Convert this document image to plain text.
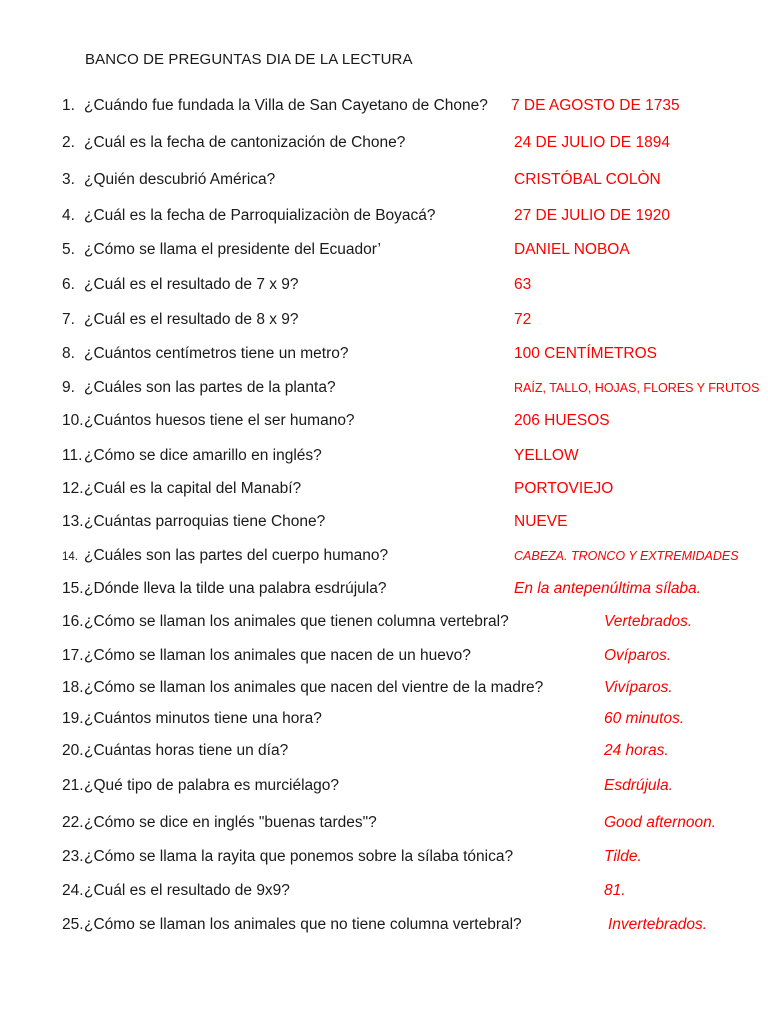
BANCO DE PREGUNTAS DIA DE LA LECTURA
1. ¿Cuándo fue fundada la Villa de San Cayetano de Chone? 7 DE AGOSTO DE 1735
2. ¿Cuál es la fecha de cantonización de Chone?	24 DE JULIO DE 1894
3. ¿Quién descubrió América?	CRISTÓBAL COLÒN
4. ¿Cuál es la fecha de Parroquializaciòn de Boyacá?	27 DE JULIO DE 1920
5. ¿Cómo se llama el presidente del Ecuador’	DANIEL NOBOA
6. ¿Cuál es el resultado de 7 x 9?	63
7. ¿Cuál es el resultado de 8 x 9?	72
8. ¿Cuántos centímetros tiene un metro?	100 CENTÍMETROS
9. ¿Cuáles son las partes de la planta?	RAÍZ, TALLO, HOJAS, FLORES Y FRUTOS
10. ¿Cuántos huesos tiene el ser humano?	206 HUESOS
11. ¿Cómo se dice amarillo en inglés?	YELLOW
12. ¿Cuál es la capital del Manabí?	PORTOVIEJO
13. ¿Cuántas parroquias tiene Chone?	NUEVE
14. ¿Cuáles son las partes del cuerpo humano?	CABEZA. TRONCO Y EXTREMIDADES
15. ¿Dónde lleva la tilde una palabra esdrújula?	En la antepenúltima sílaba.
16. ¿Cómo se llaman los animales que tienen columna vertebral?	Vertebrados.
17. ¿Cómo se llaman los animales que nacen de un huevo?	Ovíparos.
18. ¿Cómo se llaman los animales que nacen del vientre de la madre?	Vivíparos.
19. ¿Cuántos minutos tiene una hora?	60 minutos.
20. ¿Cuántas horas tiene un día?	24 horas.
21. ¿Qué tipo de palabra es murciélago?	Esdrújula.
22. ¿Cómo se dice en inglés "buenas tardes"?	Good afternoon.
23. ¿Cómo se llama la rayita que ponemos sobre la sílaba tónica?	Tilde.
24. ¿Cuál es el resultado de 9x9?	81.
25. ¿Cómo se llaman los animales que no tiene columna vertebral?	Invertebrados.
